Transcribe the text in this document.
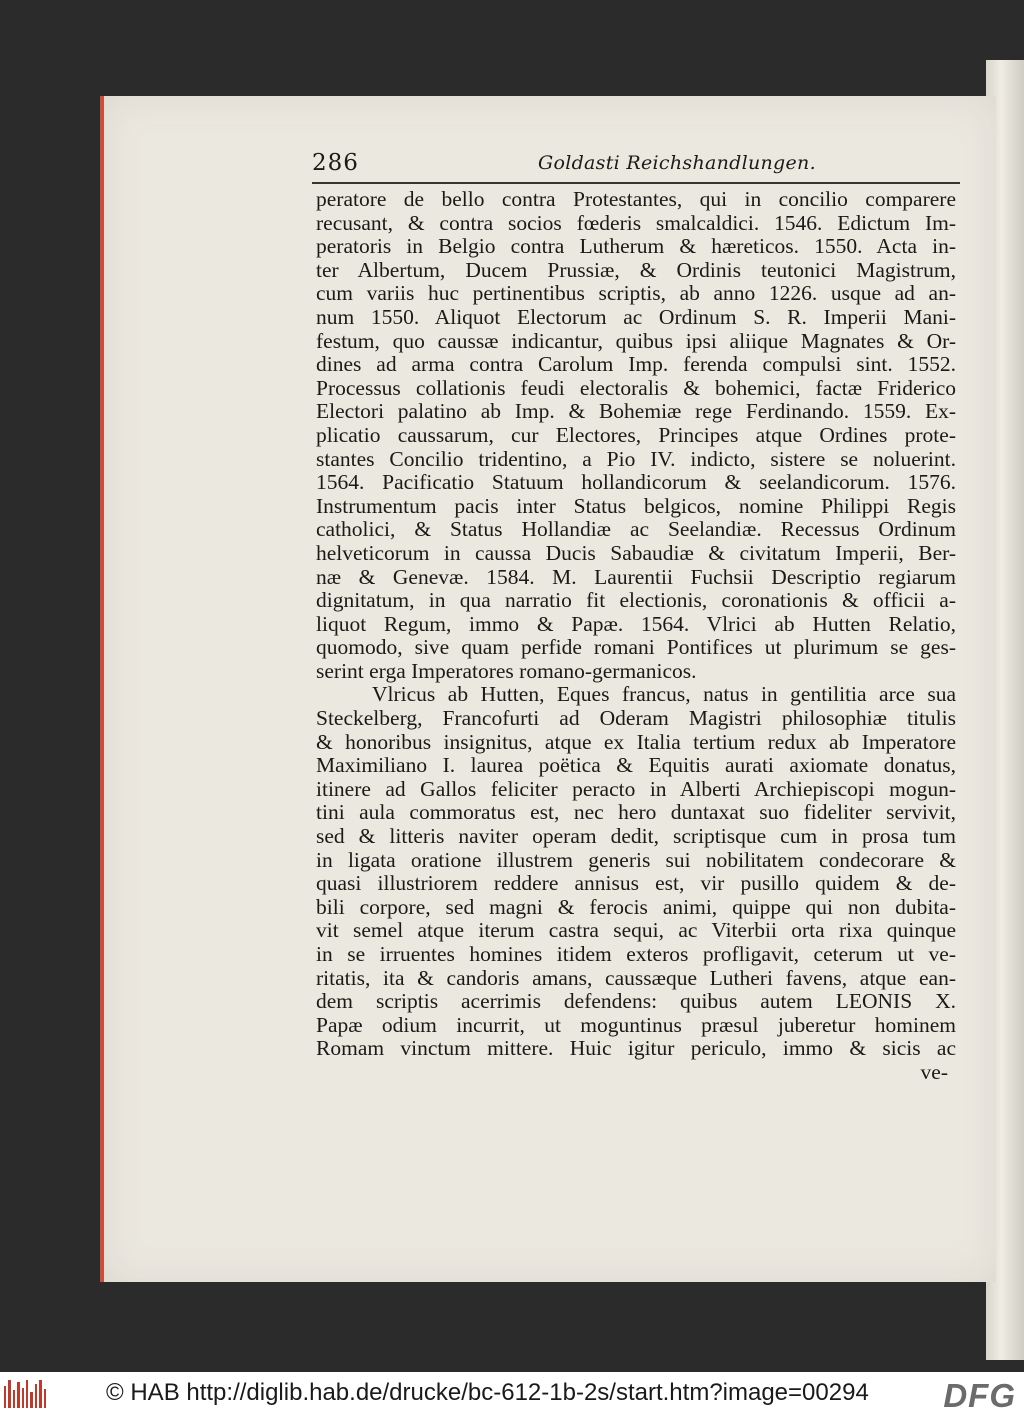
286	Goldasti Reichshandlungen.
peratore de bello contra Protestantes, qui in concilio comparere
recusant, & contra socios fœderis smalcaldici. 1546. Edictum Im-
peratoris in Belgio contra Lutherum & hæreticos. 1550. Acta in-
ter Albertum, Ducem Prussiæ, & Ordinis teutonici Magistrum,
cum variis huc pertinentibus scriptis, ab anno 1226. usque ad an-
num 1550. Aliquot Electorum ac Ordinum S. R. Imperii Mani-
festum, quo caussæ indicantur, quibus ipsi aliique Magnates & Or-
dines ad arma contra Carolum Imp. ferenda compulsi sint. 1552.
Processus collationis feudi electoralis & bohemici, factæ Friderico
Electori palatino ab Imp. & Bohemiæ rege Ferdinando. 1559. Ex-
plicatio caussarum, cur Electores, Principes atque Ordines prote-
stantes Concilio tridentino, a Pio IV. indicto, sistere se noluerint.
1564. Pacificatio Statuum hollandicorum & seelandicorum. 1576.
Instrumentum pacis inter Status belgicos, nomine Philippi Regis
catholici, & Status Hollandiæ ac Seelandiæ. Recessus Ordinum
helveticorum in caussa Ducis Sabaudiæ & civitatum Imperii, Ber-
næ & Genevæ. 1584. M. Laurentii Fuchsii Descriptio regiarum
dignitatum, in qua narratio fit electionis, coronationis & officii a-
liquot Regum, immo & Papæ. 1564. Vlrici ab Hutten Relatio,
quomodo, sive quam perfide romani Pontifices ut plurimum se ges-
serint erga Imperatores romano-germanicos.
Vlricus ab Hutten, Eques francus, natus in gentilitia arce sua
Steckelberg, Francofurti ad Oderam Magistri philosophiæ titulis
& honoribus insignitus, atque ex Italia tertium redux ab Imperatore
Maximiliano I. laurea poëtica & Equitis aurati axiomate donatus,
itinere ad Gallos feliciter peracto in Alberti Archiepiscopi mogun-
tini aula commoratus est, nec hero duntaxat suo fideliter servivit,
sed & litteris naviter operam dedit, scriptisque cum in prosa tum
in ligata oratione illustrem generis sui nobilitatem condecorare &
quasi illustriorem reddere annisus est, vir pusillo quidem & de-
bili corpore, sed magni & ferocis animi, quippe qui non dubita-
vit semel atque iterum castra sequi, ac Viterbii orta rixa quinque
in se irruentes homines itidem exteros profligavit, ceterum ut ve-
ritatis, ita & candoris amans, caussæque Lutheri favens, atque ean-
dem scriptis acerrimis defendens: quibus autem LEONIS X.
Papæ odium incurrit, ut moguntinus præsul juberetur hominem
Romam vinctum mittere. Huic igitur periculo, immo & sicis ac
ve-
© HAB http://diglib.hab.de/drucke/bc-612-1b-2s/start.htm?image=00294 DFG
